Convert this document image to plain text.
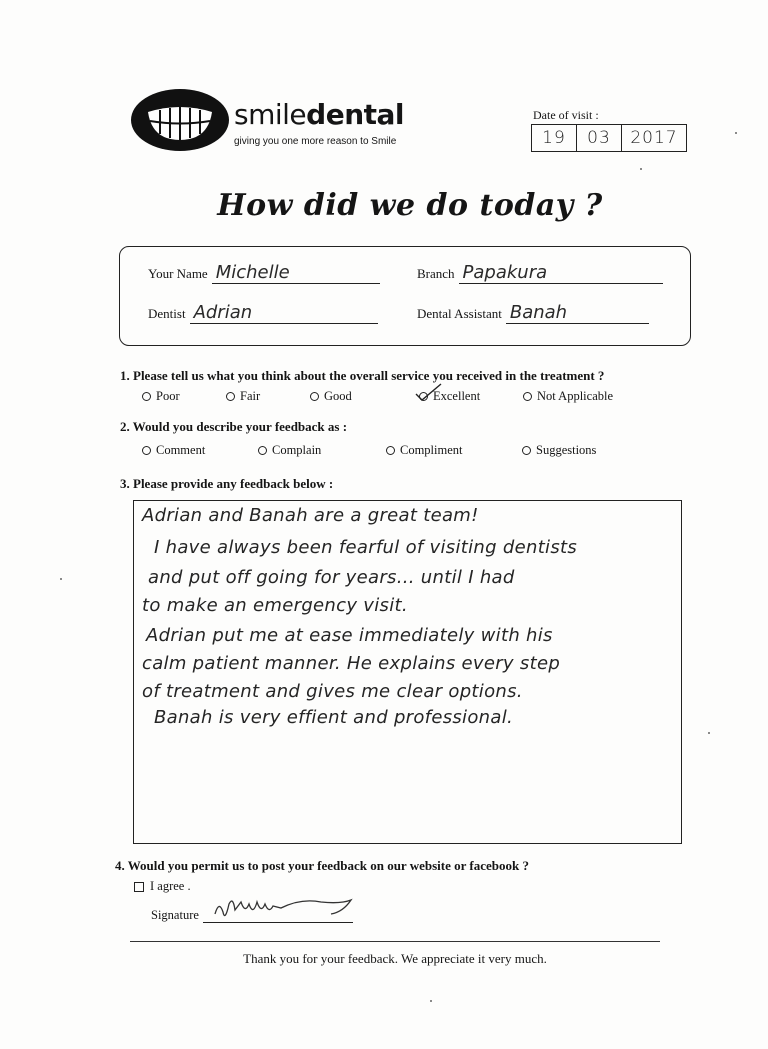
smiledental
giving you one more reason to Smile
Date of visit :
19	03	2017
How did we do today ?
Your Name Michelle	Branch Papakura
Dentist Adrian	Dental Assistant Banah
1. Please tell us what you think about the overall service you received in the treatment ?
Poor	Fair	Good	Excellent	Not Applicable
2. Would you describe your feedback as :
Comment	Complain	Compliment	Suggestions
3. Please provide any feedback below :
Adrian and Banah are a great team!
I have always been fearful of visiting dentists
and put off going for years... until I had
to make an emergency visit.
Adrian put me at ease immediately with his
calm patient manner. He explains every step
of treatment and gives me clear options.
Banah is very effient and professional.
4. Would you permit us to post your feedback on our website or facebook ?
I agree .
Signature
Thank you for your feedback. We appreciate it very much.
